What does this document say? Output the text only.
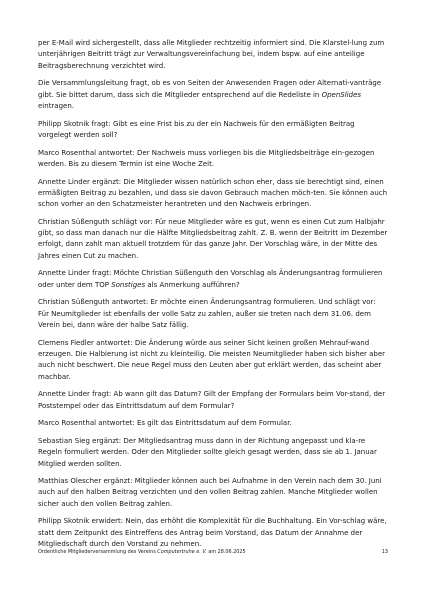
per E-Mail wird sichergestellt, dass alle Mitglieder rechtzeitig informiert sind. Die Klarstel-lung zum unterjährigen Beitritt trägt zur Verwaltungsvereinfachung bei, indem bspw. auf eine anteilige Beitragsberechnung verzichtet wird.

Die Versammlungsleitung fragt, ob es von Seiten der Anwesenden Fragen oder Alternati-vanträge gibt. Sie bittet darum, dass sich die Mitglieder entsprechend auf die Redeliste in OpenSlides eintragen.

Philipp Skotnik fragt: Gibt es eine Frist bis zu der ein Nachweis für den ermäßigten Beitrag vorgelegt werden soll?

Marco Rosenthal antwortet: Der Nachweis muss vorliegen bis die Mitgliedsbeiträge ein-gezogen werden. Bis zu diesem Termin ist eine Woche Zeit.

Annette Linder ergänzt: Die Mitglieder wissen natürlich schon eher, dass sie berechtigt sind, einen ermäßigten Beitrag zu bezahlen, und dass sie davon Gebrauch machen möch-ten. Sie können auch schon vorher an den Schatzmeister herantreten und den Nachweis erbringen.

Christian Süßenguth schlägt vor: Für neue Mitglieder wäre es gut, wenn es einen Cut zum Halbjahr gibt, so dass man danach nur die Hälfte Mitgliedsbeitrag zahlt. Z. B. wenn der Beitritt im Dezember erfolgt, dann zahlt man aktuell trotzdem für das ganze Jahr. Der Vorschlag wäre, in der Mitte des Jahres einen Cut zu machen.

Annette Linder fragt: Möchte Christian Süßenguth den Vorschlag als Änderungsantrag formulieren oder unter dem TOP Sonstiges als Anmerkung aufführen?

Christian Süßenguth antwortet: Er möchte einen Änderungsantrag formulieren. Und schlägt vor: Für Neumitglieder ist ebenfalls der volle Satz zu zahlen, außer sie treten nach dem 31.06. dem Verein bei, dann wäre der halbe Satz fällig.

Clemens Fiedler antwortet: Die Änderung würde aus seiner Sicht keinen großen Mehrauf-wand erzeugen. Die Halbierung ist nicht zu kleinteilig. Die meisten Neumitglieder haben sich bisher aber auch nicht beschwert. Die neue Regel muss den Leuten aber gut erklärt werden, das scheint aber machbar.

Annette Linder fragt: Ab wann gilt das Datum? Gilt der Empfang der Formulars beim Vor-stand, der Poststempel oder das Eintrittsdatum auf dem Formular?

Marco Rosenthal antwortet: Es gilt das Eintrittsdatum auf dem Formular.

Sebastian Sieg ergänzt: Der Mitgliedsantrag muss dann in der Richtung angepasst und kla-re Regeln formuliert werden. Oder den Mitglieder sollte gleich gesagt werden, dass sie ab 1. Januar Mitglied werden sollten.

Matthias Olescher ergänzt: Mitglieder können auch bei Aufnahme in den Verein nach dem 30. Juni auch auf den halben Beitrag verzichten und den vollen Beitrag zahlen. Manche Mitglieder wollen sicher auch den vollen Beitrag zahlen.

Philipp Skotnik erwidert: Nein, das erhöht die Komplexität für die Buchhaltung. Ein Vor-schlag wäre, statt dem Zeitpunkt des Eintreffens des Antrag beim Vorstand, das Datum der Annahme der Mitgliedschaft durch den Vorstand zu nehmen.

Ordentliche Mitgliederversammlung des Vereins Computertruhe e. V. am 28.06.2025	13
